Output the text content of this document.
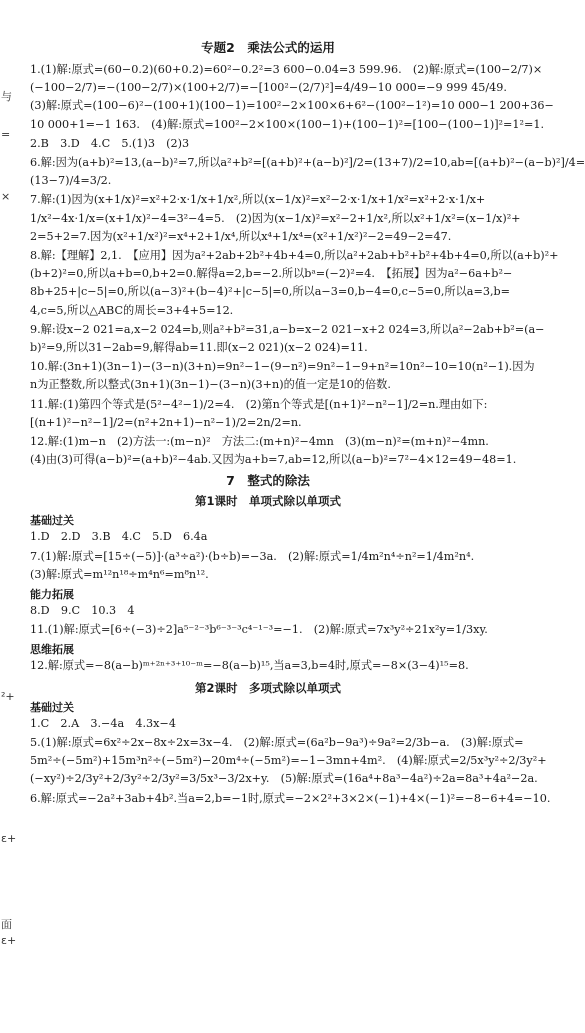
与
=
×
²+
ε+
面
ε+
专题2　乘法公式的运用
1.(1)解:原式=(60−0.2)(60+0.2)=60²−0.2²=3 600−0.04=3 599.96.　(2)解:原式=(100−2/7)×
(−100−2/7)=−(100−2/7)×(100+2/7)=−[100²−(2/7)²]=4/49−10 000=−9 999 45/49.
(3)解:原式=(100−6)²−(100+1)(100−1)=100²−2×100×6+6²−(100²−1²)=10 000−1 200+36−
10 000+1=−1 163.　(4)解:原式=100²−2×100×(100−1)+(100−1)²=[100−(100−1)]²=1²=1.
2.B　3.D　4.C　5.(1)3　(2)3
6.解:因为(a+b)²=13,(a−b)²=7,所以a²+b²=[(a+b)²+(a−b)²]/2=(13+7)/2=10,ab=[(a+b)²−(a−b)²]/4=
(13−7)/4=3/2.
7.解:(1)因为(x+1/x)²=x²+2·x·1/x+1/x²,所以(x−1/x)²=x²−2·x·1/x+1/x²=x²+2·x·1/x+
1/x²−4x·1/x=(x+1/x)²−4=3²−4=5.　(2)因为(x−1/x)²=x²−2+1/x²,所以x²+1/x²=(x−1/x)²+
2=5+2=7.因为(x²+1/x²)²=x⁴+2+1/x⁴,所以x⁴+1/x⁴=(x²+1/x²)²−2=49−2=47.
8.解:【理解】2,1.　【应用】因为a²+2ab+2b²+4b+4=0,所以a²+2ab+b²+b²+4b+4=0,所以(a+b)²+
(b+2)²=0,所以a+b=0,b+2=0.解得a=2,b=−2.所以bᵃ=(−2)²=4.　【拓展】因为a²−6a+b²−
8b+25+|c−5|=0,所以(a−3)²+(b−4)²+|c−5|=0,所以a−3=0,b−4=0,c−5=0,所以a=3,b=
4,c=5,所以△ABC的周长=3+4+5=12.
9.解:设x−2 021=a,x−2 024=b,则a²+b²=31,a−b=x−2 021−x+2 024=3,所以a²−2ab+b²=(a−
b)²=9,所以31−2ab=9,解得ab=11.即(x−2 021)(x−2 024)=11.
10.解:(3n+1)(3n−1)−(3−n)(3+n)=9n²−1−(9−n²)=9n²−1−9+n²=10n²−10=10(n²−1).因为
n为正整数,所以整式(3n+1)(3n−1)−(3−n)(3+n)的值一定是10的倍数.
11.解:(1)第四个等式是(5²−4²−1)/2=4.　(2)第n个等式是[(n+1)²−n²−1]/2=n.理由如下:
[(n+1)²−n²−1]/2=(n²+2n+1)−n²−1)/2=2n/2=n.
12.解:(1)m−n　(2)方法一:(m−n)²　方法二:(m+n)²−4mn　(3)(m−n)²=(m+n)²−4mn.
(4)由(3)可得(a−b)²=(a+b)²−4ab.又因为a+b=7,ab=12,所以(a−b)²=7²−4×12=49−48=1.
7　整式的除法
第1课时　单项式除以单项式
基础过关
1.D　2.D　3.B　4.C　5.D　6.4a
7.(1)解:原式=[15÷(−5)]·(a³÷a²)·(b÷b)=−3a.　(2)解:原式=1/4m²n⁴÷n²=1/4m²n⁴.
(3)解:原式=m¹²n¹⁸÷m⁴n⁶=m⁸n¹².
能力拓展
8.D　9.C　10.3　4
11.(1)解:原式=[6÷(−3)÷2]a⁵⁻²⁻³b⁶⁻³⁻³c⁴⁻¹⁻³=−1.　(2)解:原式=7x³y²÷21x²y=1/3xy.
思维拓展
12.解:原式=−8(a−b)ᵐ⁺²ⁿ⁺³⁺¹⁰⁻ᵐ=−8(a−b)¹⁵,当a=3,b=4时,原式=−8×(3−4)¹⁵=8.
第2课时　多项式除以单项式
基础过关
1.C　2.A　3.−4a　4.3x−4
5.(1)解:原式=6x²÷2x−8x÷2x=3x−4.　(2)解:原式=(6a²b−9a³)÷9a²=2/3b−a.　(3)解:原式=
5m²÷(−5m²)+15m³n²÷(−5m²)−20m⁴÷(−5m²)=−1−3mn+4m².　(4)解:原式=2/5x³y²÷2/3y²+
(−xy²)÷2/3y²+2/3y²÷2/3y²=3/5x³−3/2x+y.　(5)解:原式=(16a⁴+8a³−4a²)÷2a=8a³+4a²−2a.
6.解:原式=−2a²+3ab+4b².当a=2,b=−1时,原式=−2×2²+3×2×(−1)+4×(−1)²=−8−6+4=−10.
